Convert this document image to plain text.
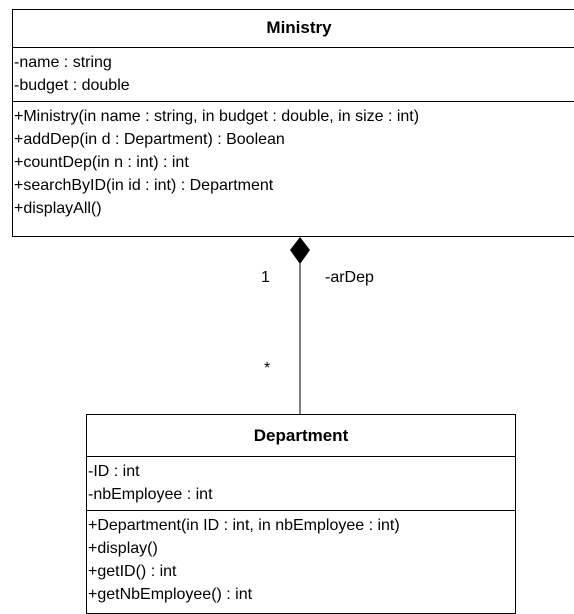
1	-arDep
*
Ministry
-name : string
-budget : double
+Ministry(in name : string, in budget : double, in size : int)
+addDep(in d : Department) : Boolean
+countDep(in n : int) : int
+searchByID(in id : int) : Department
+displayAll()
Department
-ID : int
-nbEmployee : int
+Department(in ID : int, in nbEmployee : int)
+display()
+getID() : int
+getNbEmployee() : int
